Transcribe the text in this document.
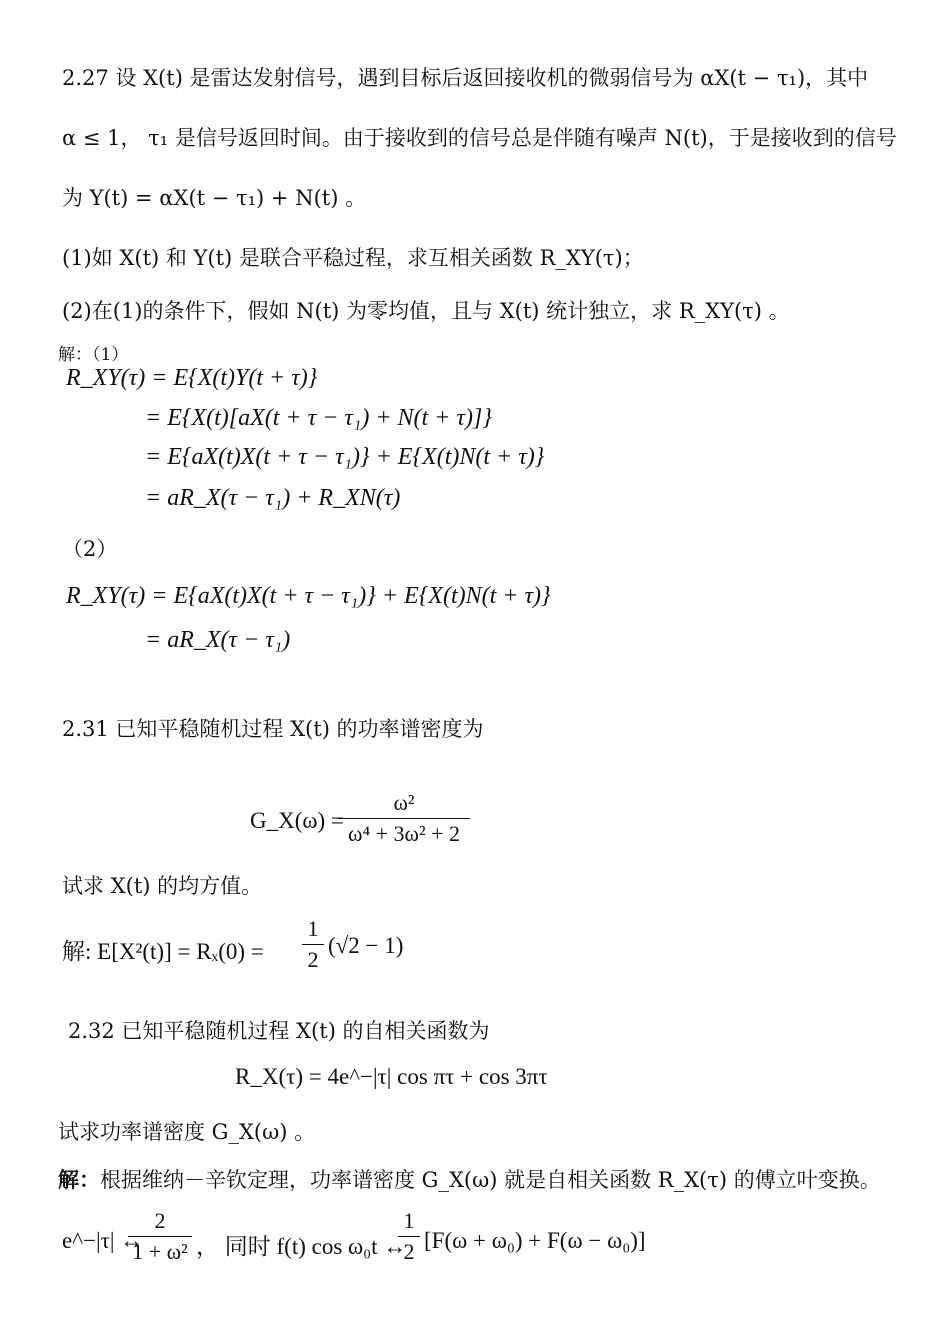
2.27 设 X(t) 是雷达发射信号，遇到目标后返回接收机的微弱信号为 αX(t − τ₁)，其中
α ≤ 1， τ₁ 是信号返回时间。由于接收到的信号总是伴随有噪声 N(t)，于是接收到的信号
为 Y(t) = αX(t − τ₁) + N(t) 。
(1)如 X(t) 和 Y(t) 是联合平稳过程，求互相关函数 R_XY(τ)；
(2)在(1)的条件下，假如 N(t) 为零均值，且与 X(t) 统计独立，求 R_XY(τ) 。
解：（1）
R_XY(τ) = E{X(t)Y(t + τ)}
= E{X(t)[aX(t + τ − τ₁) + N(t + τ)]}
= E{aX(t)X(t + τ − τ₁)} + E{X(t)N(t + τ)}
= aR_X(τ − τ₁) + R_XN(τ)
（2）
R_XY(τ) = E{aX(t)X(t + τ − τ₁)} + E{X(t)N(t + τ)}
= aR_X(τ − τ₁)
2.31 已知平稳随机过程 X(t) 的功率谱密度为
G_X(ω) =
ω²
ω⁴ + 3ω² + 2
试求 X(t) 的均方值。
解: E[X²(t)] = Rₓ(0) =
1
2
(√2 − 1)
2.32 已知平稳随机过程 X(t) 的自相关函数为
R_X(τ) = 4e^−|τ| cos πτ + cos 3πτ
试求功率谱密度 G_X(ω) 。
解：根据维纳－辛钦定理，功率谱密度 G_X(ω) 就是自相关函数 R_X(τ) 的傅立叶变换。
e^−|τ| ↔
2
1 + ω² ， 同时 f(t) cos ω₀t ↔
1
2 [F(ω + ω₀) + F(ω − ω₀)]
